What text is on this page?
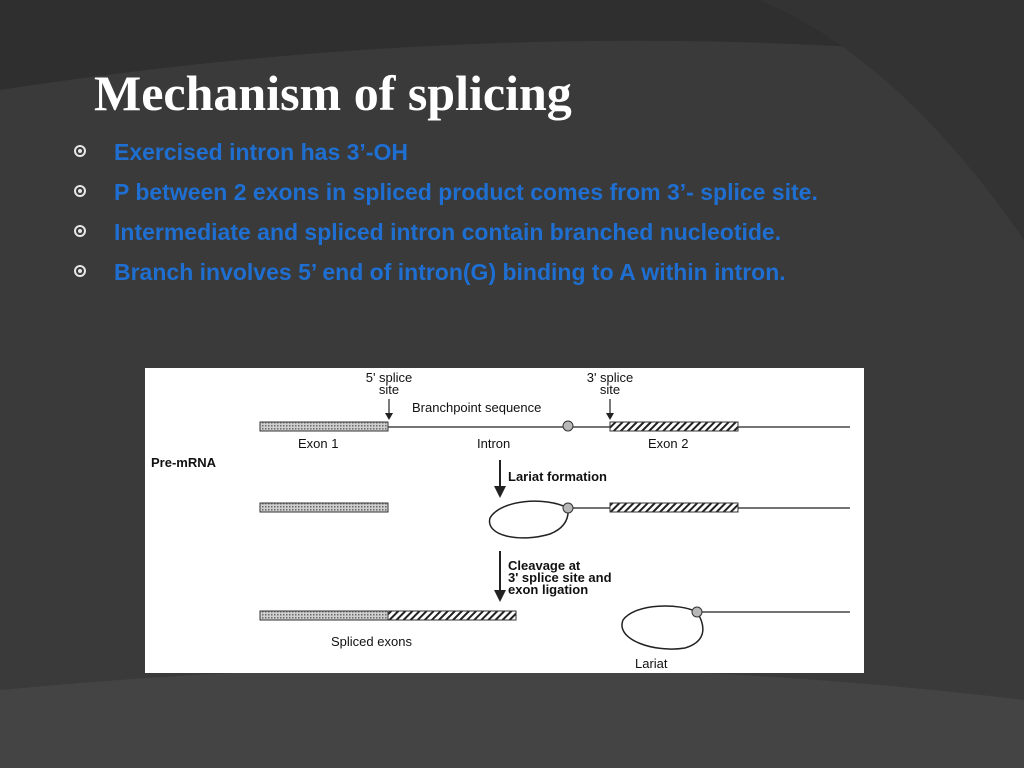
Mechanism of splicing
Exercised intron has 3’-OH
P between 2 exons in spliced product comes from 3’- splice site.
Intermediate and spliced intron contain branched nucleotide.
Branch involves 5’ end of intron(G) binding to A within intron.

5' splice

site

3' splice

site

Branchpoint sequence

Exon 1	Intron	Exon 2

Pre-mRNA

Lariat formation

Cleavage at

3' splice site and

exon ligation

Spliced exons

Lariat
